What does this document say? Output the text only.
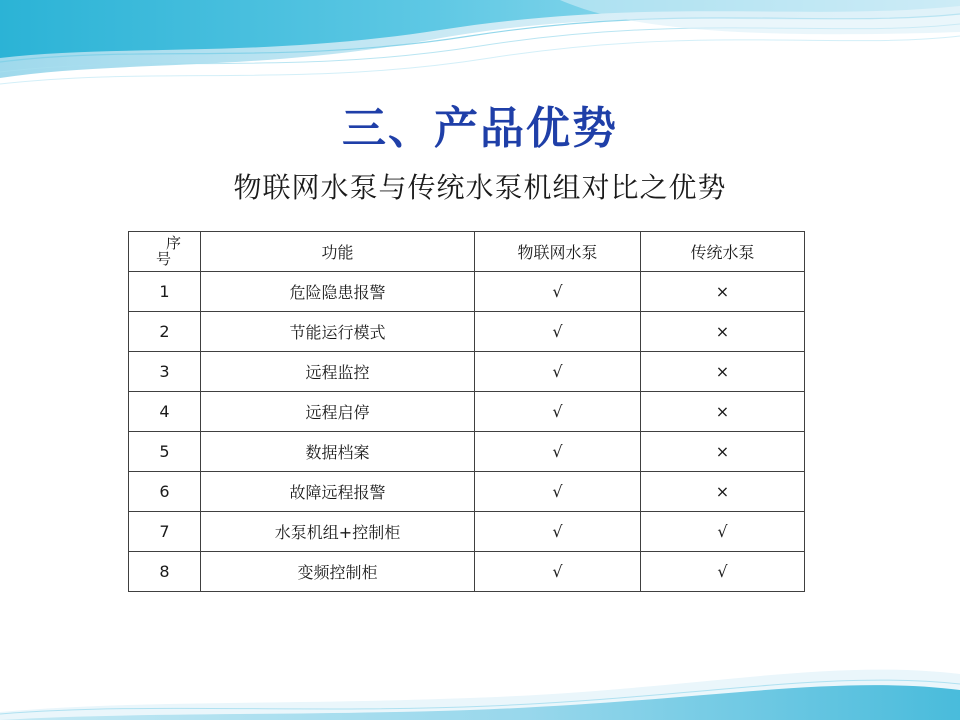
三、产品优势
物联网水泵与传统水泵机组对比之优势
序
号	功能	物联网水泵	传统水泵
1	危险隐患报警	√	×
2	节能运行模式	√	×
3	远程监控	√	×
4	远程启停	√	×
5	数据档案	√	×
6	故障远程报警	√	×
7	水泵机组+控制柜	√	√
8	变频控制柜	√	√
